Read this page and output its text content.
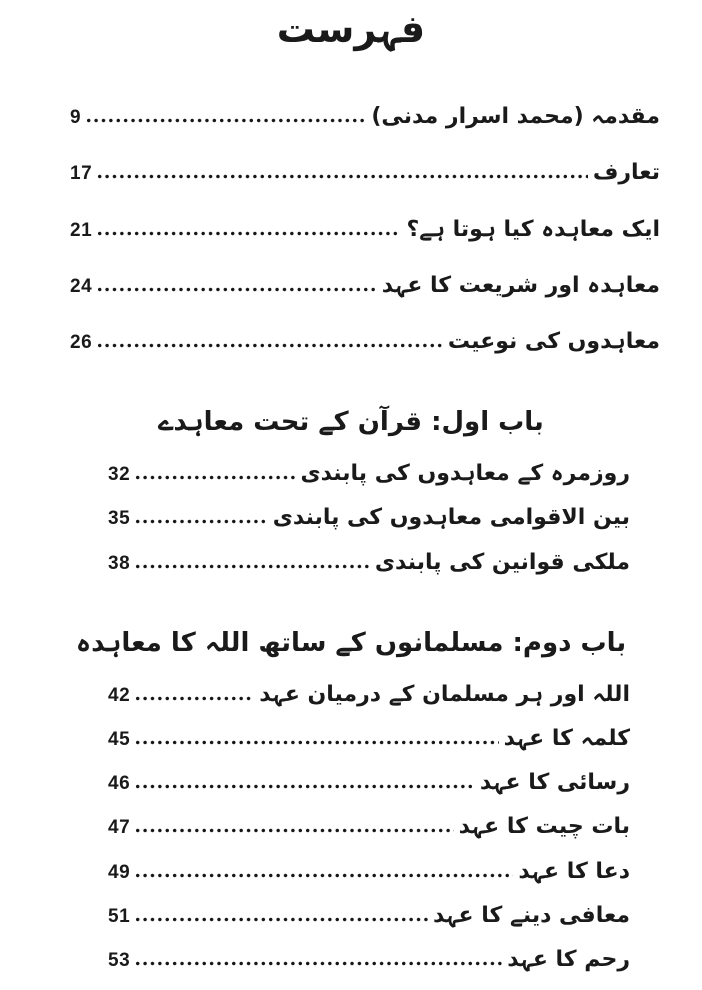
فہرست
9	مقدمہ (محمد اسرار مدنی)
17	تعارف
21	ایک معاہدہ کیا ہوتا ہے؟
24	معاہدہ اور شریعت کا عہد
26	معاہدوں کی نوعیت
باب اول: قرآن کے تحت معاہدے
32	روزمرہ کے معاہدوں کی پابندی
35	بین الاقوامی معاہدوں کی پابندی
38	ملکی قوانین کی پابندی
باب دوم: مسلمانوں کے ساتھ اللہ کا معاہدہ
42	اللہ اور ہر مسلمان کے درمیان عہد
45	کلمہ کا عہد
46	رسائی کا عہد
47	بات چیت کا عہد
49	دعا کا عہد
51	معافی دینے کا عہد
53	رحم کا عہد
